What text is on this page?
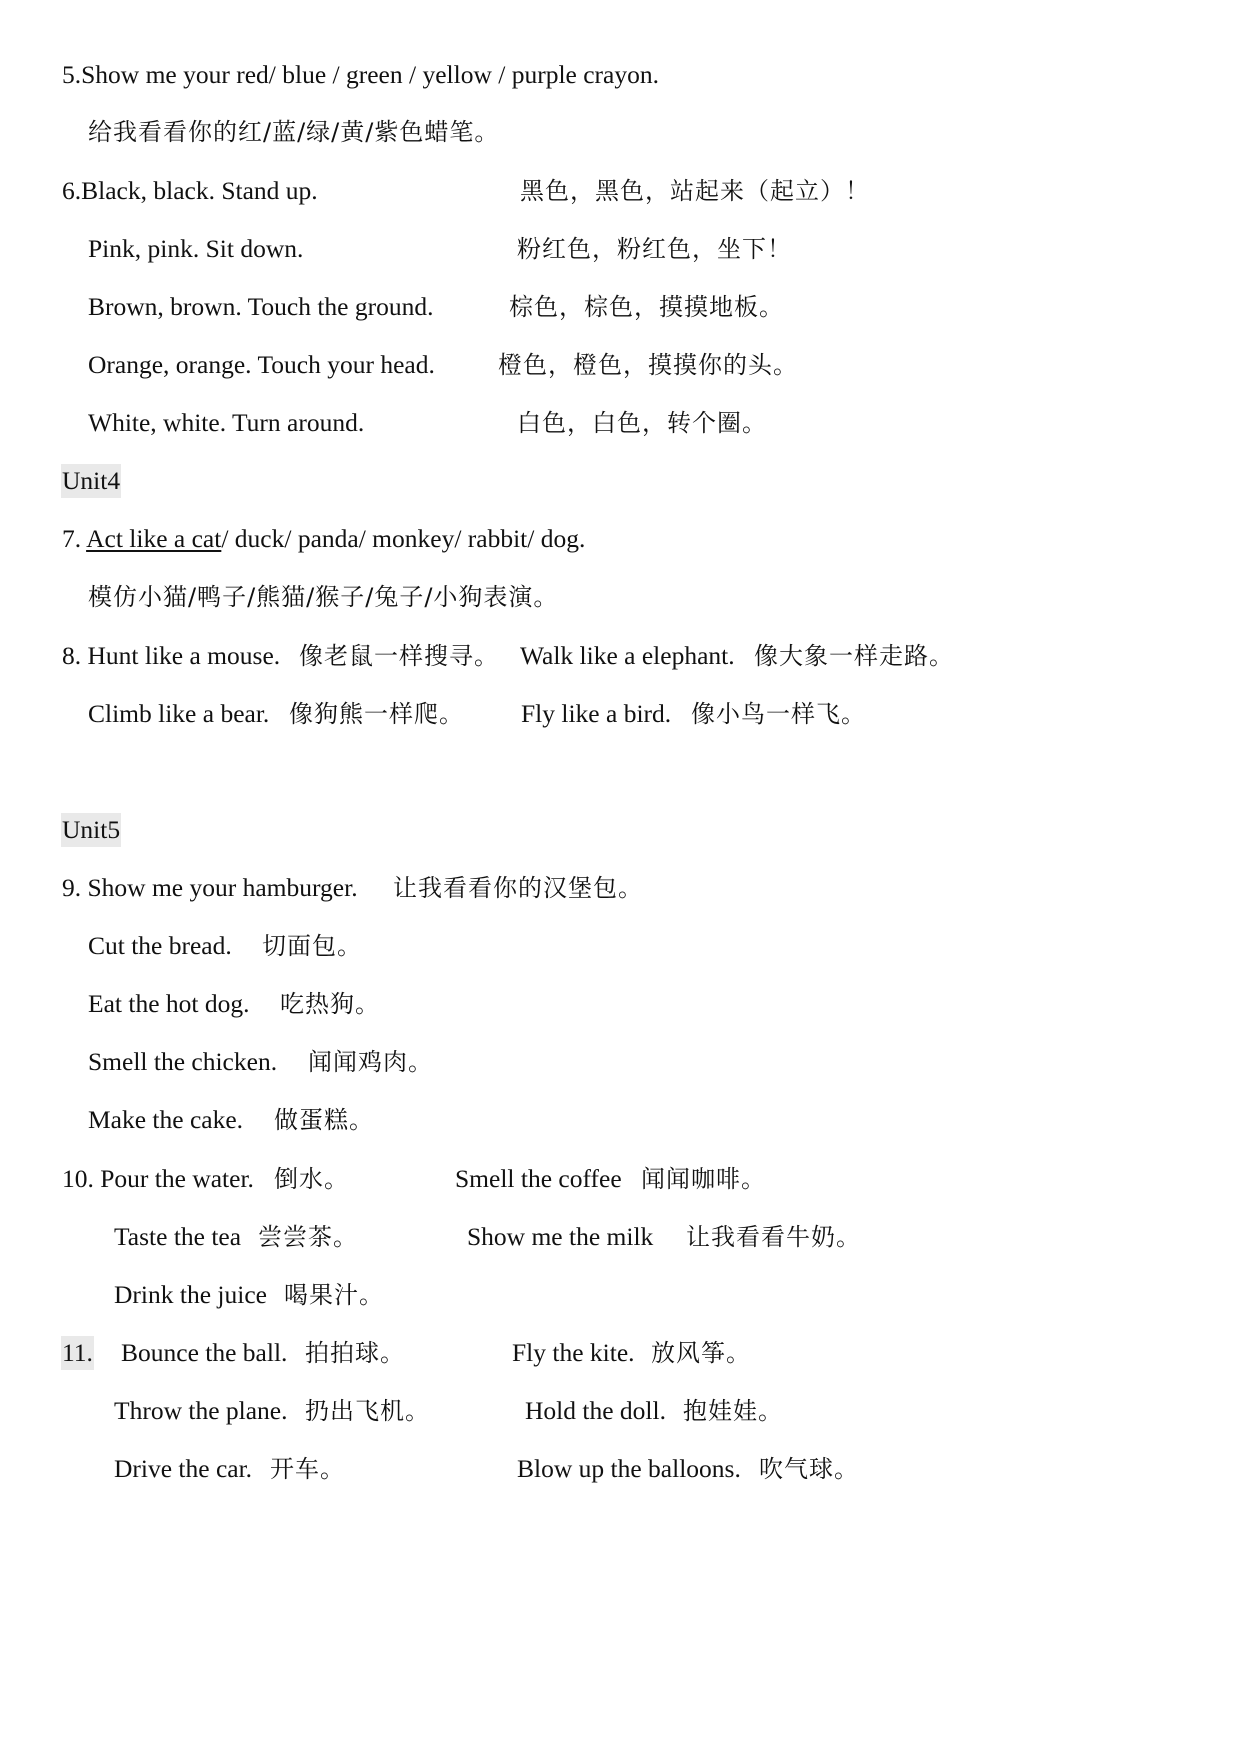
5.Show me your red/ blue / green / yellow / purple crayon.
给我看看你的红/蓝/绿/黄/紫色蜡笔。
6.Black, black. Stand up.	黑色，黑色，站起来（起立）！
Pink, pink. Sit down.	粉红色，粉红色，坐下！
Brown, brown. Touch the ground.	棕色，棕色，摸摸地板。
Orange, orange. Touch your head.	橙色，橙色，摸摸你的头。
White, white. Turn around.	白色，白色，转个圈。
Unit4
7. Act like a cat/ duck/ panda/ monkey/ rabbit/ dog.
模仿小猫/鸭子/熊猫/猴子/兔子/小狗表演。
8. Hunt like a mouse. 像老鼠一样搜寻。 Walk like a elephant. 像大象一样走路。
Climb like a bear. 像狗熊一样爬。 Fly like a bird. 像小鸟一样飞。
Unit5
9. Show me your hamburger. 让我看看你的汉堡包。
Cut the bread. 切面包。
Eat the hot dog. 吃热狗。
Smell the chicken. 闻闻鸡肉。
Make the cake. 做蛋糕。
10. Pour the water. 倒水。	Smell the coffee 闻闻咖啡。
Taste the tea 尝尝茶。	Show me the milk 让我看看牛奶。
Drink the juice 喝果汁。
11. Bounce the ball. 拍拍球。	Fly the kite. 放风筝。
Throw the plane. 扔出飞机。	Hold the doll. 抱娃娃。
Drive the car. 开车。	Blow up the balloons. 吹气球。
